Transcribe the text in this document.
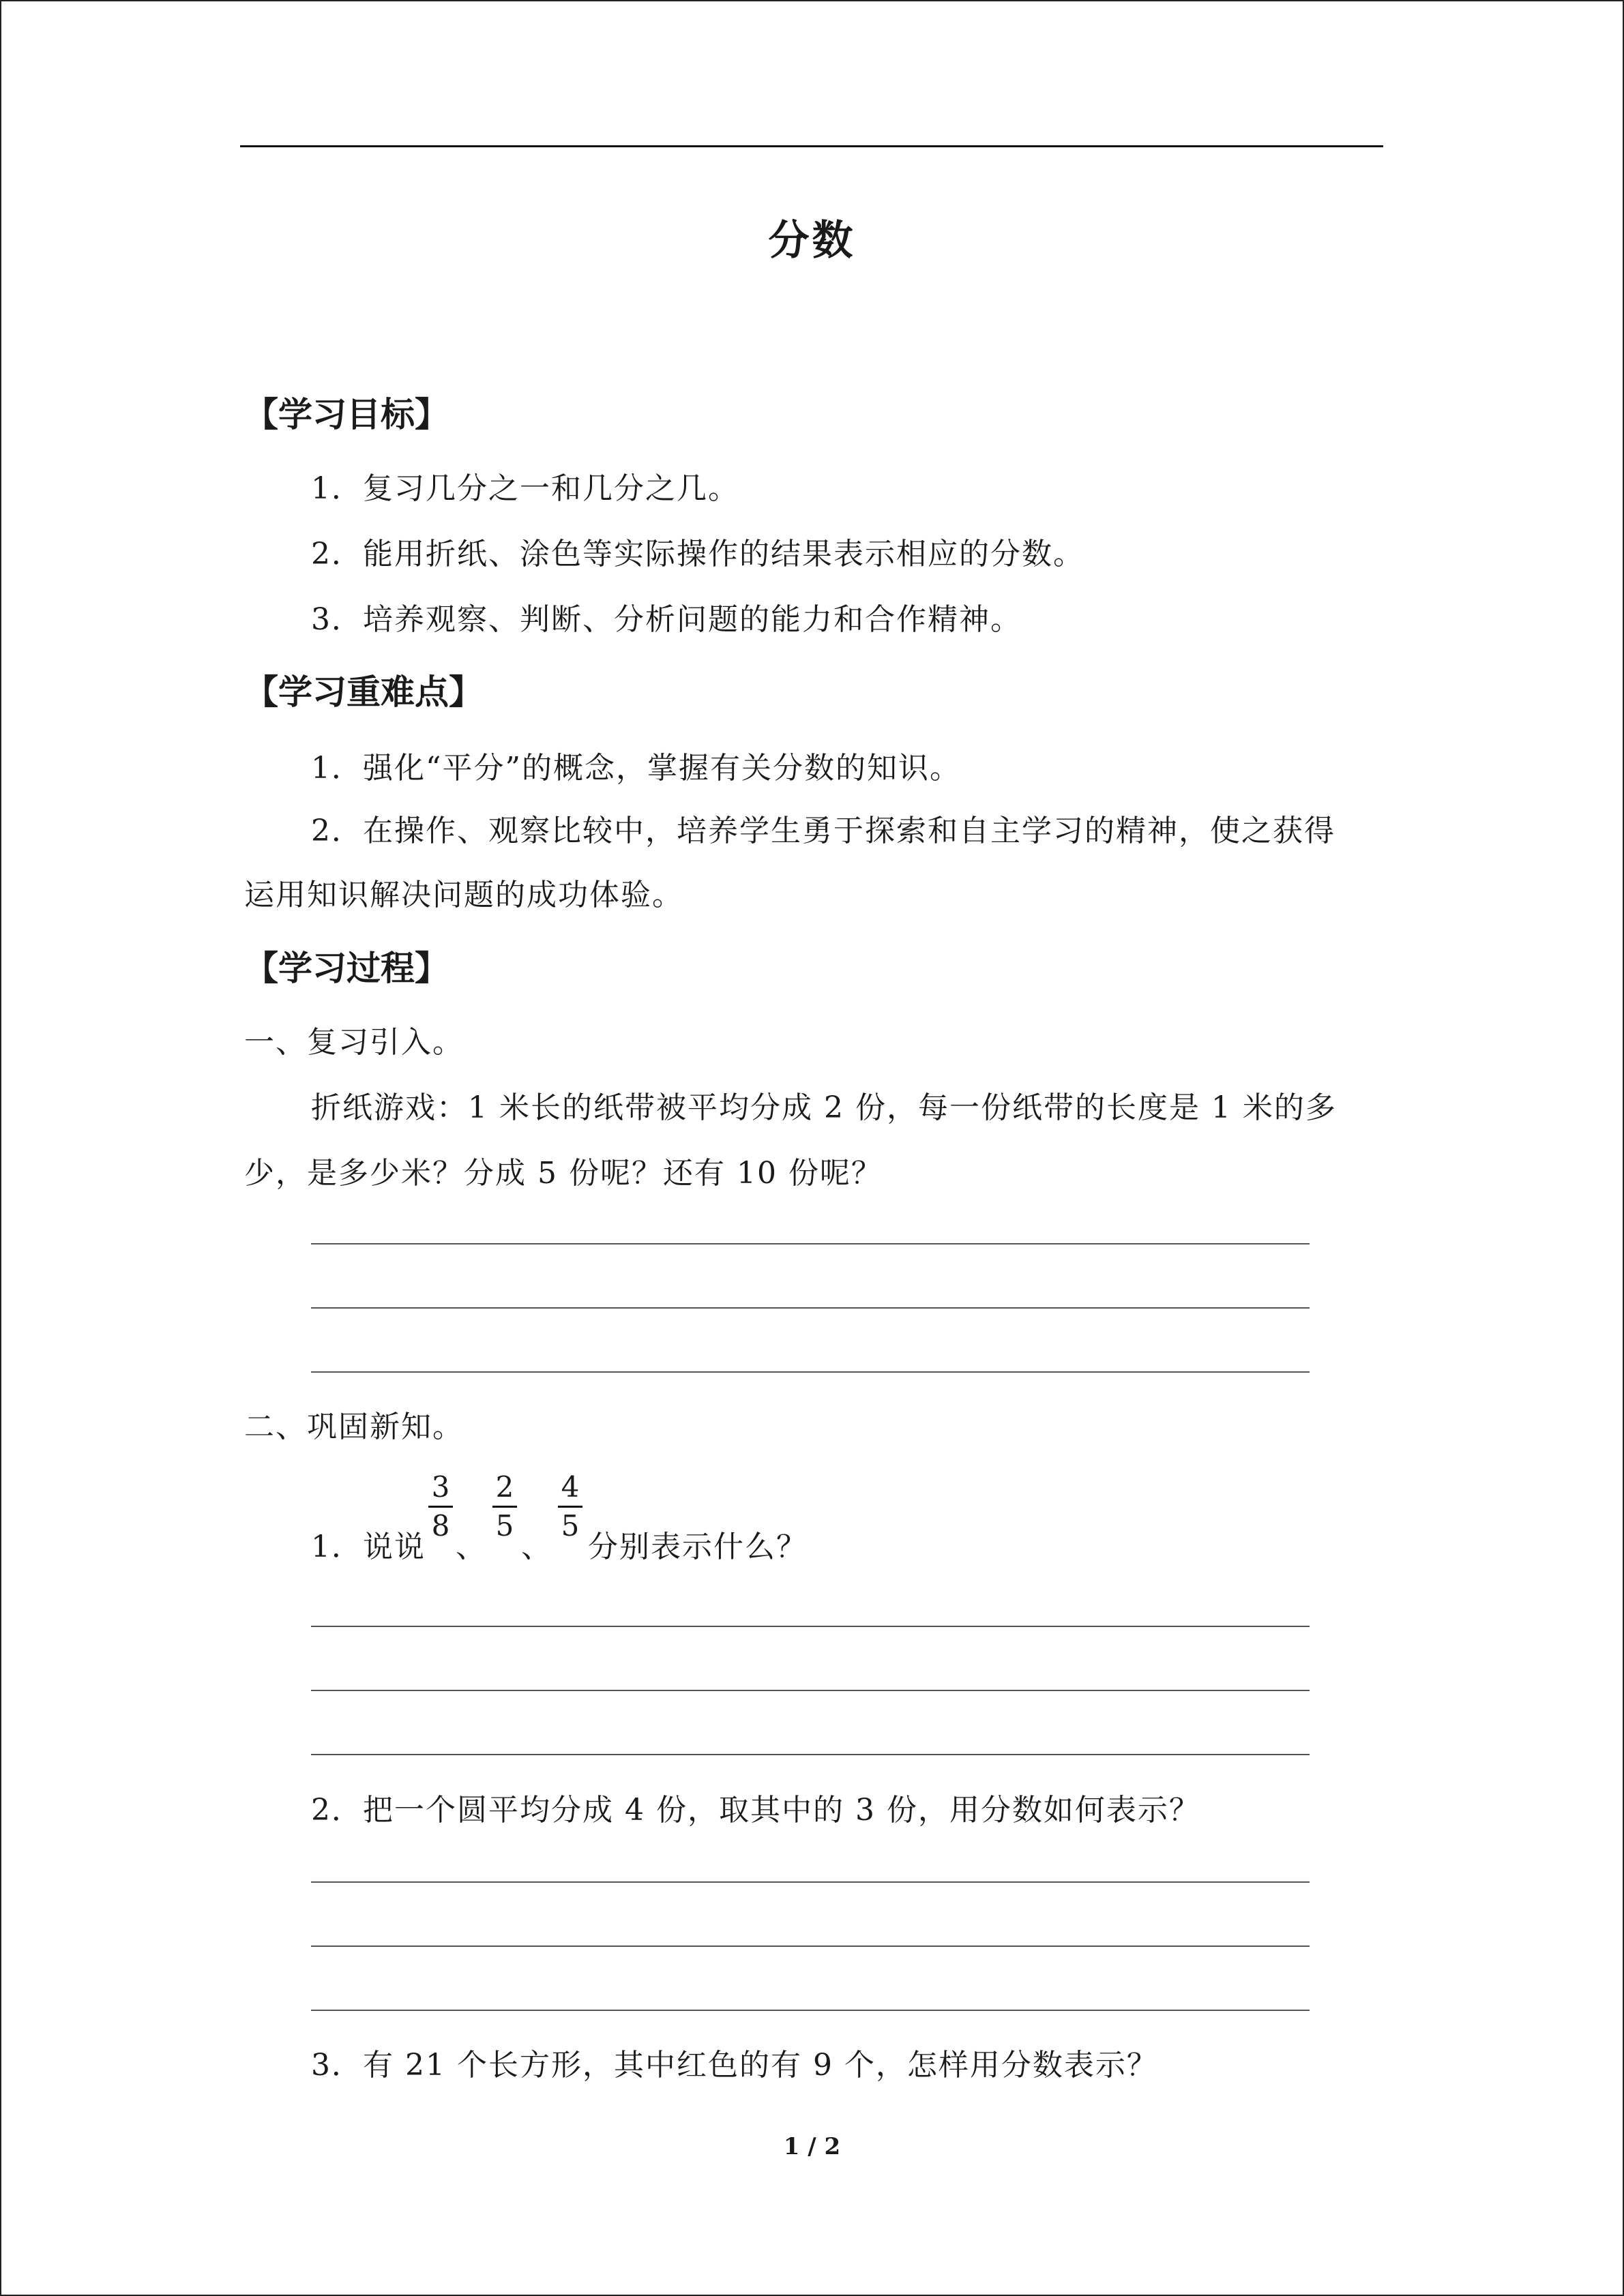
分数
【学习目标】
1．复习几分之一和几分之几。
2．能用折纸、涂色等实际操作的结果表示相应的分数。
3．培养观察、判断、分析问题的能力和合作精神。
【学习重难点】
1．强化“平分”的概念，掌握有关分数的知识。
2．在操作、观察比较中，培养学生勇于探索和自主学习的精神，使之获得
运用知识解决问题的成功体验。
【学习过程】
一、复习引入。
折纸游戏：1 米长的纸带被平均分成 2 份，每一份纸带的长度是 1 米的多
少，是多少米？分成 5 份呢？还有 10 份呢？
二、巩固新知。
1．说说
3
8
、
2
5
、
4
5
分别表示什么？
2．把一个圆平均分成 4 份，取其中的 3 份，用分数如何表示？
3．有 21 个长方形，其中红色的有 9 个，怎样用分数表示？
1 / 2
